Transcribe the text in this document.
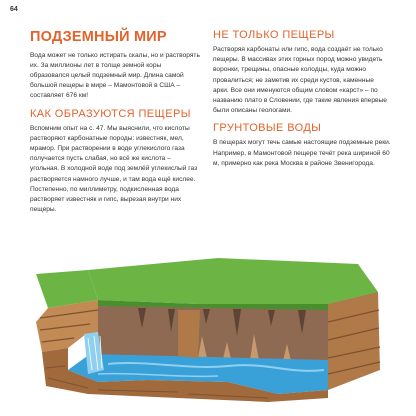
64
ПОДЗЕМНЫЙ МИР

Вода может не только истирать скалы, но и растворять их. За миллионы лет в толще земной коры образовался целый подземный мир. Длина самой большой пещеры в мире – Мамонтовой в США – составляет 676 км!

КАК ОБРАЗУЮТСЯ ПЕЩЕРЫ

Вспомним опыт на с. 47. Мы выяснили, что кислоты растворяют карбонатные породы: известняк, мел, мрамор. При растворении в воде углекислого газа получается пусть слабая, но всё же кислота – угольная. В холодной воде под землёй углекислый газ растворяется намного лучше, и там вода ещё кислее. Постепенно, по миллиметру, подкисленная вода растворяет известняк и гипс, вырезая внутри них пещеры.

НЕ ТОЛЬКО ПЕЩЕРЫ

Растворяя карбонаты или гипс, вода создаёт не только пещеры. В массивах этих горных пород можно увидеть воронки, трещины, опасные колодцы, куда можно провалиться; не заметив их среди кустов, каменные арки. Все они именуются общим словом «карст» – по названию плато в Словении, где такие явления впервые были описаны геологами.

ГРУНТОВЫЕ ВОДЫ

В пещерах могут течь самые настоящие подземные реки. Например, в Мамонтовой пещере течёт река шириной 60 м, примерно как река Москва в районе Звенигорода.
